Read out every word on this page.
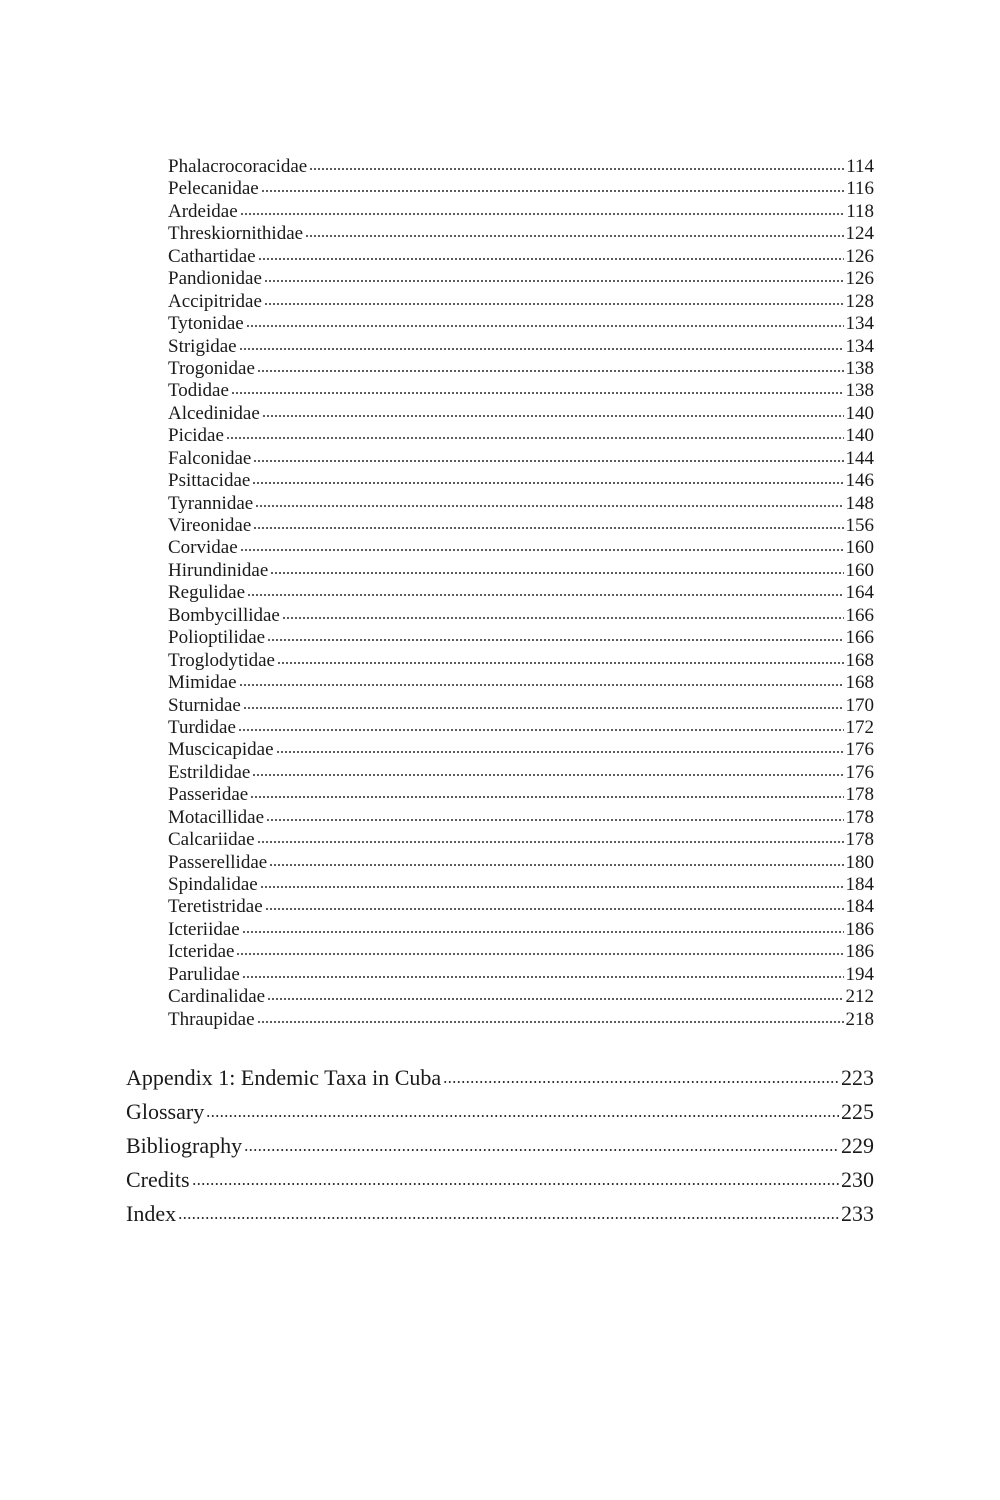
Phalacrocoracidae	114
Pelecanidae	116
Ardeidae	118
Threskiornithidae	124
Cathartidae	126
Pandionidae	126
Accipitridae	128
Tytonidae	134
Strigidae	134
Trogonidae	138
Todidae	138
Alcedinidae	140
Picidae	140
Falconidae	144
Psittacidae	146
Tyrannidae	148
Vireonidae	156
Corvidae	160
Hirundinidae	160
Regulidae	164
Bombycillidae	166
Polioptilidae	166
Troglodytidae	168
Mimidae	168
Sturnidae	170
Turdidae	172
Muscicapidae	176
Estrildidae	176
Passeridae	178
Motacillidae	178
Calcariidae	178
Passerellidae	180
Spindalidae	184
Teretistridae	184
Icteriidae	186
Icteridae	186
Parulidae	194
Cardinalidae	212
Thraupidae	218
Appendix 1: Endemic Taxa in Cuba	223
Glossary	225
Bibliography	229
Credits	230
Index	233
